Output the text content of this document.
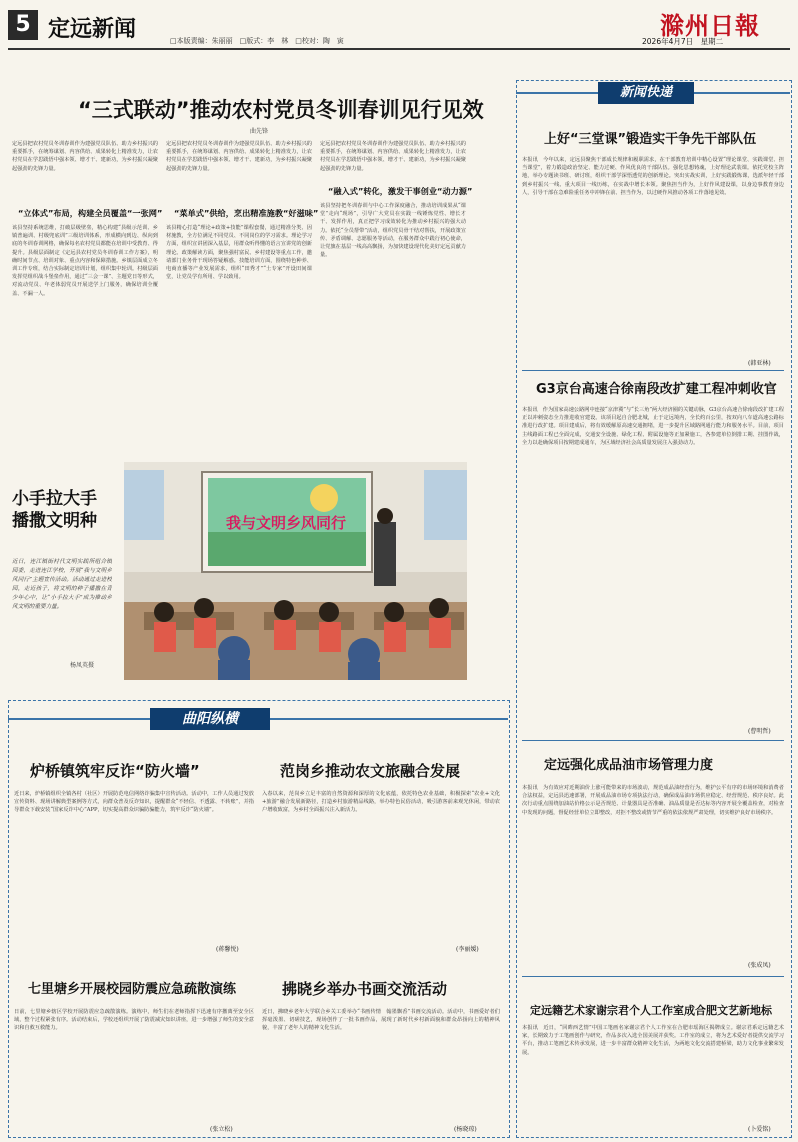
5 定远新闻	□本版责编：朱丽丽　□版式：李　林　□校对：陶　寅
滁州日報
2026年4月7日　星期二
“三式联动”推动农村党员冬训春训见行见效
曲先锋
定远县把农村党员冬训春训作为建强党员队伍、助力乡村振兴的重要抓手，在统筹谋划、内容供给、成果转化上精准发力，让农村党员在学思践悟中强本领、增才干、建新功，为乡村振兴凝聚起强劲的先锋力量。
“立体式”布局，构建全员覆盖“一张网”
该县坚持系统思维，打破层级壁垒，精心构建“县级示范训、乡镇普遍训、村级兜底训”三级培训体系，形成横向到边、纵向到底的冬训春训网格，确保每名农村党员都能在培训中受教育、得提升。县级层面制定《定远县农村党员冬训春训工作方案》，明确时间节点、培训对象、重点内容和保障措施。乡镇层面成立冬训工作专班，结合实际制定培训计划，组织集中轮训。村级层面发挥党组织战斗堡垒作用，通过“三会一课”、主题党日等形式，对流动党员、年老体弱党员开展送学上门服务，确保培训全覆盖、不漏一人。
定远县把农村党员冬训春训作为建强党员队伍、助力乡村振兴的重要抓手，在统筹谋划、内容供给、成果转化上精准发力，让农村党员在学思践悟中强本领、增才干、建新功，为乡村振兴凝聚起强劲的先锋力量。
“菜单式”供给，烹出精准施教“好滋味”
该县精心打造“理论+政策+技能”课程套餐，通过精准分类、因材施教，全方位满足不同党员、不同岗位的学习需求。理论学习方面，组织宣讲团深入基层，用群众听得懂的语言宣讲党的创新理论。政策解读方面，聚焦强村富民、乡村建设等重点工作，邀请部门业务骨干现场答疑解惑。技能培训方面，围绕特色种养、电商直播等产业发展需求，组织“田秀才”“土专家”开设田间课堂，让党员学有所用、学以致用。
定远县把农村党员冬训春训作为建强党员队伍、助力乡村振兴的重要抓手，在统筹谋划、内容供给、成果转化上精准发力，让农村党员在学思践悟中强本领、增才干、建新功，为乡村振兴凝聚起强劲的先锋力量。
“融入式”转化，激发干事创业“动力源”
该县坚持把冬训春训与中心工作深度融合，推动培训成果从“课堂”走向“现场”，引导广大党员在实践一线锤炼党性、增长才干、发挥作用，真正把学习成效转化为推动乡村振兴的强大动力。依托“全员帮带”活动，组织党员骨干结对帮扶，开展政策宣传、矛盾调解、志愿服务等活动，在服务群众中践行初心使命，让党旗在基层一线高高飘扬，为加快建设现代化美好定远贡献力量。
小手拉大手
播撒文明种
近日，连江镇街村代文明实践所组合镇园委，走进连江学校，开展“我与文明乡风同行”主题宣传活动。活动通过走进校园，走近孩子，将文明的种子播撒在青少年心中，让“小手拉大手”成为推动乡风文明的重要力量。
杨凤英摄
我与文明乡风同行
曲阳纵横
炉桥镇筑牢反诈“防火墙”
近日来，炉桥镇组织全镇各村（社区）开展防范电信网络诈骗集中宣传活动。活动中，工作人员通过发放宣传资料、现场讲解典型案例等方式，向群众普及反诈知识，提醒群众“不轻信、不透露、不转账”，并指导群众下载安装“国家反诈中心”APP，切实提高群众识骗防骗能力，筑牢反诈“防火墙”。
(蒋馨悦)
范岗乡推动农文旅融合发展
入春以来，范岗乡立足丰富的自然资源和深厚的文化底蕴，依托特色农业基础，积极探索“农业+文化+旅游”融合发展新路径，打造乡村旅游精品线路，举办特色民俗活动，吸引游客前来观光休闲，带动农户增收致富，为乡村全面振兴注入新活力。
(李丽媛)
七里塘乡开展校园防震应急疏散演练
日前，七里塘乡辖区学校开展防震应急疏散演练。演练中，师生们在老师指挥下迅速有序撤离至安全区域，整个过程紧张有序。活动结束后，学校还组织开展了防震减灾知识讲座，进一步增强了师生的安全意识和自救互救能力。
(张立松)
拂晓乡举办书画交流活动
近日，拂晓乡老年大学联合乡关工委举办“书画传情　翰墨飘香”书画交流活动。活动中，书画爱好者们挥毫泼墨、切磋技艺，现场创作了一批书画作品，展现了新时代乡村新面貌和群众昂扬向上的精神风貌，丰富了老年人的精神文化生活。
(杨晓琼)
新闻快递
上好“三堂课”锻造实干争先干部队伍
本报讯　今年以来，定远县聚焦干部成长规律和履职需求，在干部教育培训中精心设置“理论课堂、实践课堂、担当课堂”，着力锻造政治坚定、能力过硬、作风优良的干部队伍。强化思想铸魂，上好理论武装课。依托党校主阵地，举办专题读书班、研讨班，组织干部学深悟透党的创新理论。突出实战实训，上好实践锻炼课，选派年轻干部到乡村振兴一线、重大项目一线历练，在实战中增长本领。聚焦担当作为，上好作风建设课，以身边事教育身边人，引导干部在急难险重任务中冲锋在前、担当作为，以过硬作风推动各项工作落地见效。
(韩亚林)
G3京台高速合徐南段改扩建工程冲刺收官
本报讯　作为国家高速公路网中连接“京津冀”与“长三角”两大经济圈的关键动脉，G3京台高速合徐南段改扩建工程正以冲刺姿态全力推进收官建设。该项目起自合肥北城，止于定远境内，全长约百公里，按双向八车道高速公路标准进行改扩建。项目建成后，将有效缓解原高速交通拥堵，进一步提升区域路网通行能力和服务水平。目前，项目主线路面工程已全面完成，交通安全设施、绿化工程、附属设施等正加紧施工，各参建单位倒排工期、挂图作战，全力以赴确保项目按期建成通车，为区域经济社会高质量发展注入强劲动力。
(曹明哲)
定远强化成品油市场管理力度
本报讯　为有效应对近期油价上涨可能带来的市场波动，规范成品油经营行为，维护公平有序的市场环境和消费者合法权益，定远县迅速部署，开展成品油市场专项执法行动，确保成品油市场供应稳定、经营规范、秩序良好。此次行动重点围绕加油站价格公示是否规范、计量器具是否准确、油品质量是否达标等内容开展全覆盖检查，对检查中发现的问题，督促经营单位立即整改，对拒不整改或情节严重的依法依规严肃处理，切实维护良好市场秩序。
(张成凤)
定远籍艺术家谢宗君个人工作室成合肥文艺新地标
本报讯　近日，“回眸西艺情”中国工笔画名家谢宗君个人工作室在合肥市瑶海区揭牌成立。谢宗君系定远籍艺术家，长期致力于工笔画创作与研究，作品多次入选全国美展并获奖。工作室的成立，将为艺术爱好者提供交流学习平台，推动工笔画艺术传承发展，进一步丰富群众精神文化生活，为两地文化交流搭建桥梁，助力文化事业繁荣发展。
(卜爱铭)
